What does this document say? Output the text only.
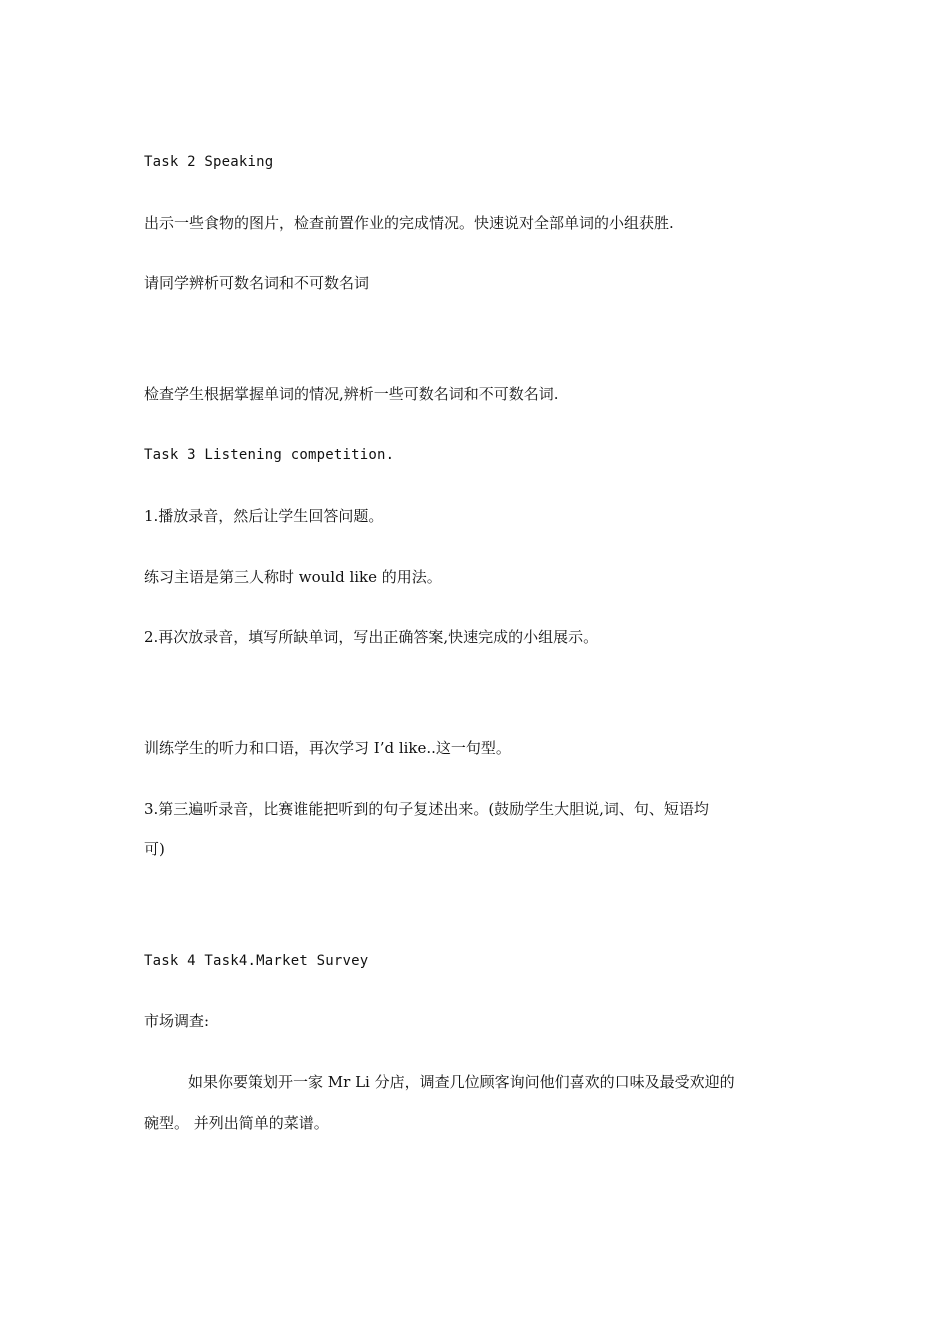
Task 2 Speaking
出示一些食物的图片，检查前置作业的完成情况。快速说对全部单词的小组获胜.
请同学辨析可数名词和不可数名词
检查学生根据掌握单词的情况,辨析一些可数名词和不可数名词.
Task 3 Listening competition.
1.播放录音，然后让学生回答问题。
练习主语是第三人称时 would like 的用法。
2.再次放录音，填写所缺单词，写出正确答案,快速完成的小组展示。
训练学生的听力和口语，再次学习 I’d like..这一句型。
3.第三遍听录音，比赛谁能把听到的句子复述出来。(鼓励学生大胆说,词、句、短语均
可)
Task 4 Task4.Market Survey
市场调查:
如果你要策划开一家 Mr Li 分店，调查几位顾客询问他们喜欢的口味及最受欢迎的
碗型。 并列出简单的菜谱。
